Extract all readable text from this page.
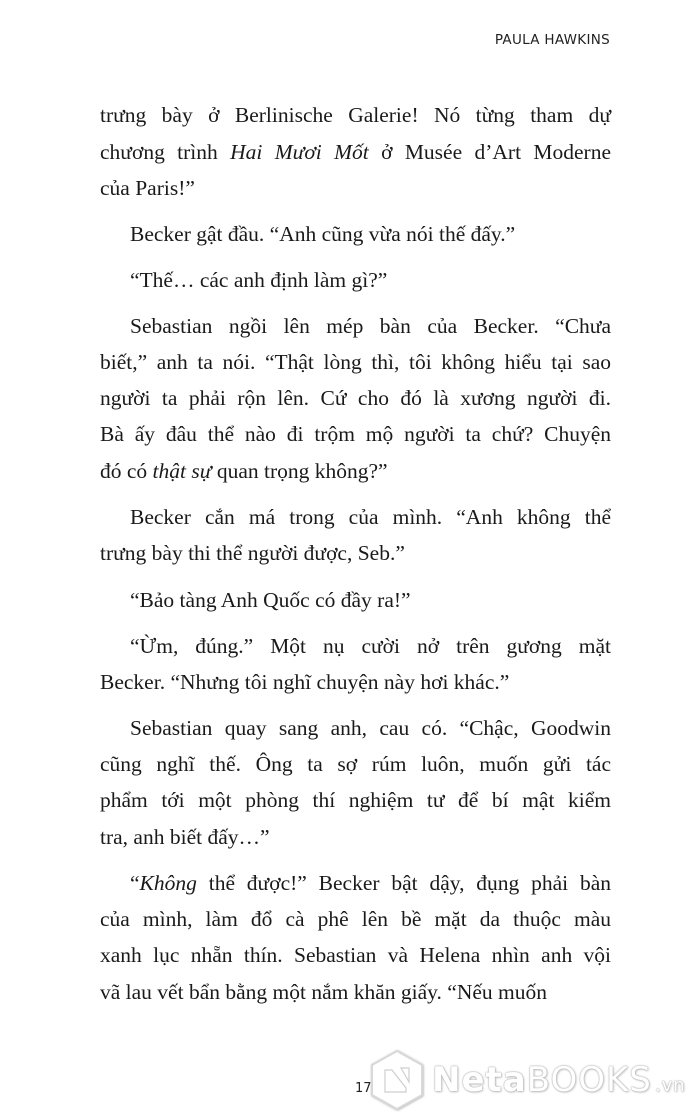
PAULA HAWKINS
trưng bày ở Berlinische Galerie! Nó từng tham dự
chương trình Hai Mươi Mốt ở Musée d’Art Moderne
của Paris!”
Becker gật đầu. “Anh cũng vừa nói thế đấy.”
“Thế… các anh định làm gì?”
Sebastian ngồi lên mép bàn của Becker. “Chưa
biết,” anh ta nói. “Thật lòng thì, tôi không hiểu tại sao
người ta phải rộn lên. Cứ cho đó là xương người đi.
Bà ấy đâu thể nào đi trộm mộ người ta chứ? Chuyện
đó có thật sự quan trọng không?”
Becker cắn má trong của mình. “Anh không thể
trưng bày thi thể người được, Seb.”
“Bảo tàng Anh Quốc có đầy ra!”
“Ừm, đúng.” Một nụ cười nở trên gương mặt
Becker. “Nhưng tôi nghĩ chuyện này hơi khác.”
Sebastian quay sang anh, cau có. “Chậc, Goodwin
cũng nghĩ thế. Ông ta sợ rúm luôn, muốn gửi tác
phẩm tới một phòng thí nghiệm tư để bí mật kiểm
tra, anh biết đấy…”
“Không thể được!” Becker bật dậy, đụng phải bàn
của mình, làm đổ cà phê lên bề mặt da thuộc màu
xanh lục nhẵn thín. Sebastian và Helena nhìn anh vội
vã lau vết bẩn bằng một nắm khăn giấy. “Nếu muốn
17 NetaBOOKS .vn
